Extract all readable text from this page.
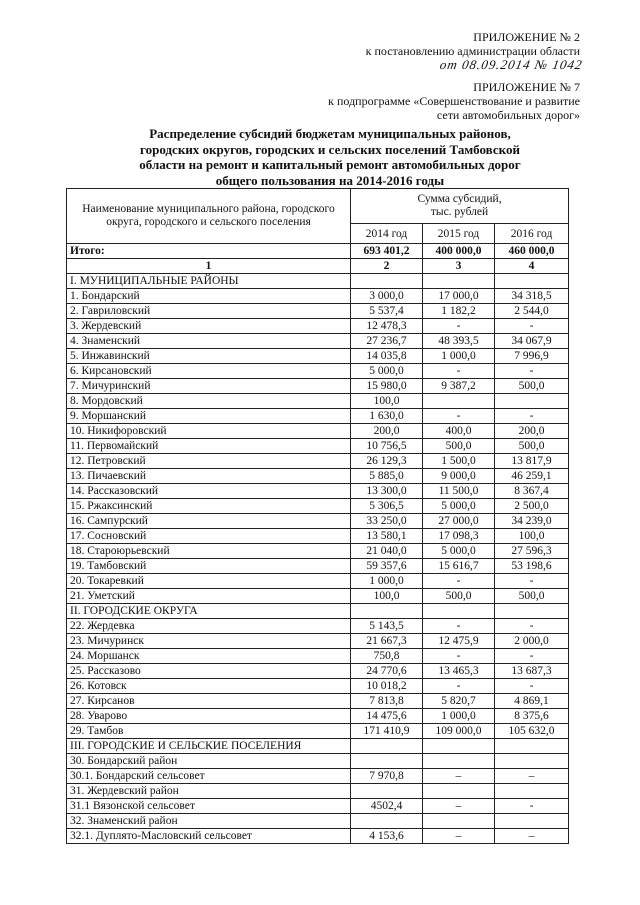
ПРИЛОЖЕНИЕ № 2
к постановлению администрации области
от 08.09.2014 № 1042
ПРИЛОЖЕНИЕ № 7
к подпрограмме «Совершенствование и развитие
сети автомобильных дорог»
Распределение субсидий бюджетам муниципальных районов,
городских округов, городских и сельских поселений Тамбовской
области на ремонт и капитальный ремонт автомобильных дорог
общего пользования на 2014-2016 годы
Наименование муниципального района, городского округа, городского и сельского поселения	Сумма субсидий,
тыс. рублей		

	2014 год	2015 год	2016 год
Итого:	693 401,2	400 000,0	460 000,0
1	2	3	4
I. МУНИЦИПАЛЬНЫЕ РАЙОНЫ			
1. Бондарский	3 000,0	17 000,0	34 318,5
2. Гавриловский	5 537,4	1 182,2	2 544,0
3. Жердевский	12 478,3	-	-
4. Знаменский	27 236,7	48 393,5	34 067,9
5. Инжавинский	14 035,8	1 000,0	7 996,9
6. Кирсановский	5 000,0	-	-
7. Мичуринский	15 980,0	9 387,2	500,0
8. Мордовский	100,0		
9. Моршанский	1 630,0	-	-
10. Никифоровский	200,0	400,0	200,0
11. Первомайский	10 756,5	500,0	500,0
12. Петровский	26 129,3	1 500,0	13 817,9
13. Пичаевский	5 885,0	9 000,0	46 259,1
14. Рассказовский	13 300,0	11 500,0	8 367,4
15. Ржаксинский	5 306,5	5 000,0	2 500,0
16. Сампурский	33 250,0	27 000,0	34 239,0
17. Сосновский	13 580,1	17 098,3	100,0
18. Староюрьевский	21 040,0	5 000,0	27 596,3
19. Тамбовский	59 357,6	15 616,7	53 198,6
20. Токаревкий	1 000,0	-	-
21. Уметский	100,0	500,0	500,0
II. ГОРОДСКИЕ ОКРУГА			
22. Жердевка	5 143,5	-	-
23. Мичуринск	21 667,3	12 475,9	2 000,0
24. Моршанск	750,8	-	-
25. Рассказово	24 770,6	13 465,3	13 687,3
26. Котовск	10 018,2	-	-
27. Кирсанов	7 813,8	5 820,7	4 869,1
28. Уварово	14 475,6	1 000,0	8 375,6
29. Тамбов	171 410,9	109 000,0	105 632,0
III. ГОРОДСКИЕ И СЕЛЬСКИЕ ПОСЕЛЕНИЯ			
30. Бондарский район			
30.1. Бондарский сельсовет	7 970,8	–	–
31. Жердевский район			
31.1 Вязонской сельсовет	4502,4	–	-
32. Знаменский район			
32.1. Дуплято-Масловский сельсовет	4 153,6	–	–
